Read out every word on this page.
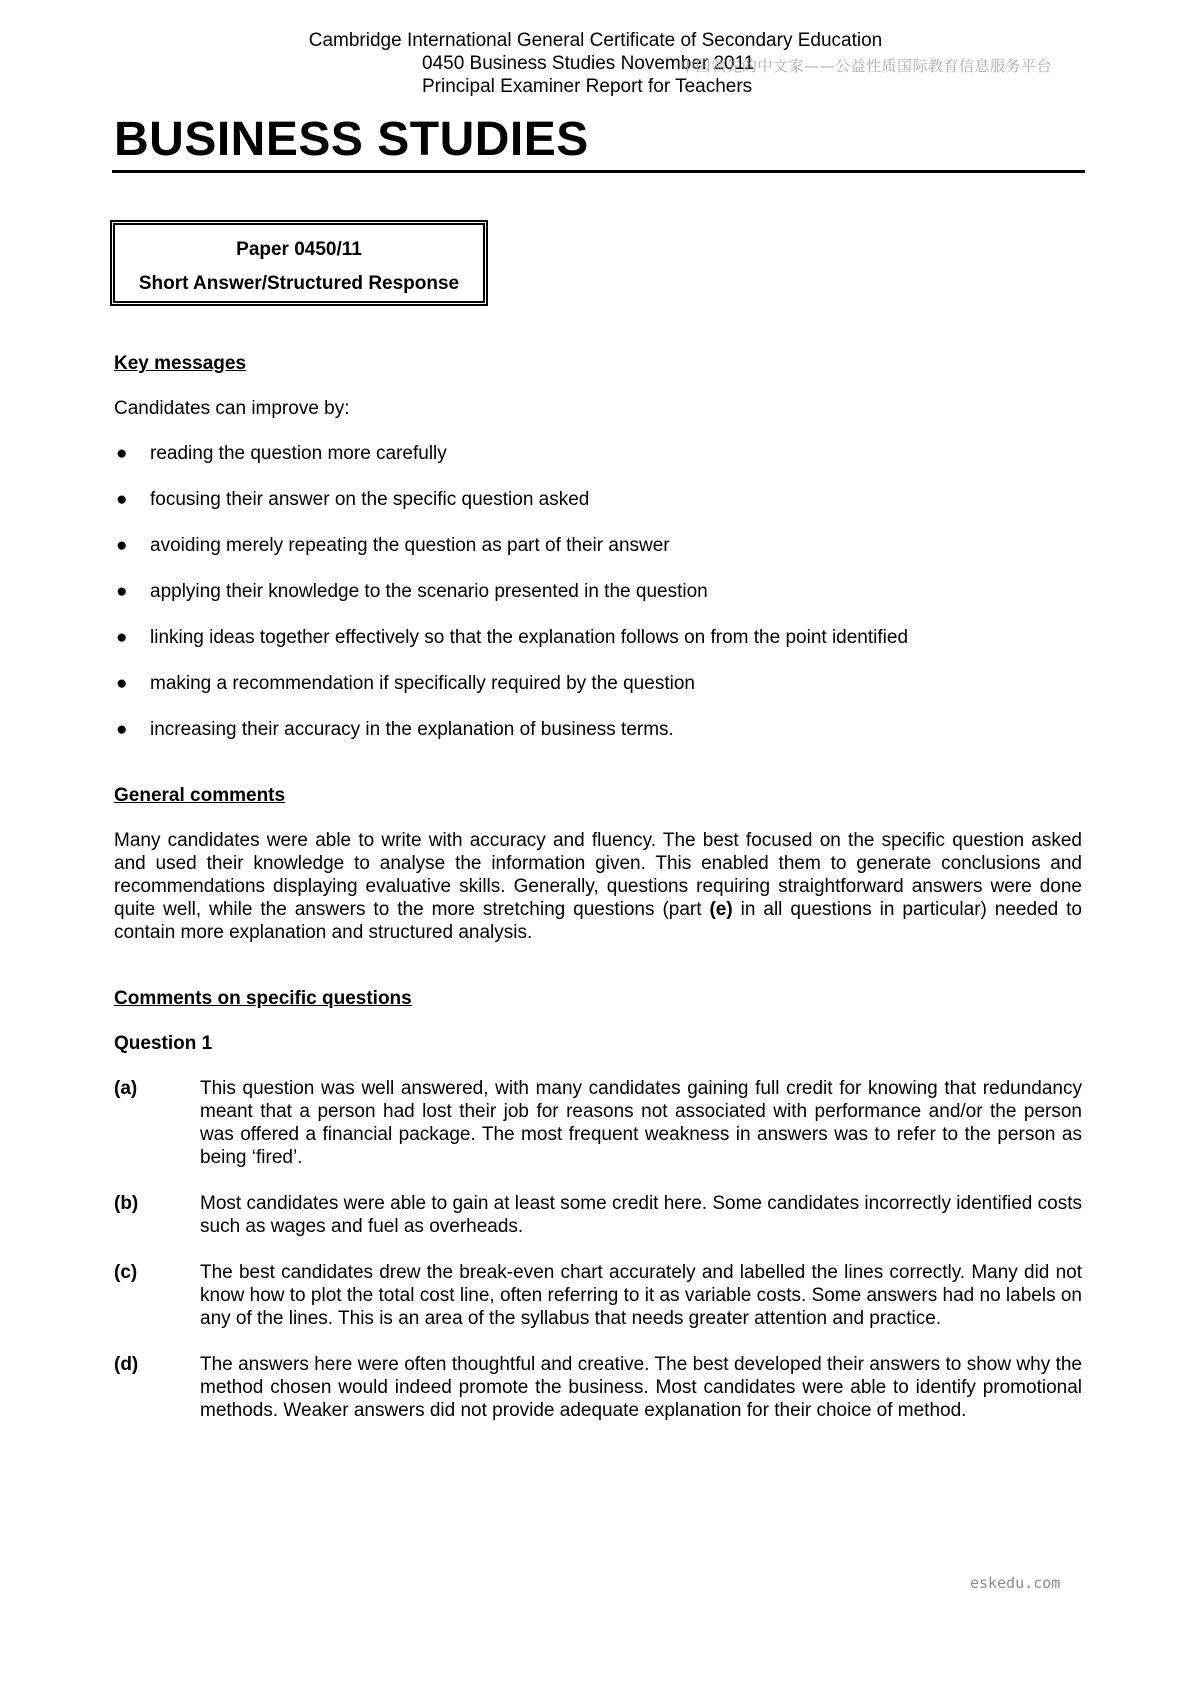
Cambridge International General Certificate of Secondary Education
0450 Business Studies November 2011
Principal Examiner Report for Teachers
中国领先的中文家——公益性质国际教育信息服务平台
BUSINESS STUDIES
Paper 0450/11
Short Answer/Structured Response

Key messages

Candidates can improve by:

● reading the question more carefully
● focusing their answer on the specific question asked
● avoiding merely repeating the question as part of their answer
● applying their knowledge to the scenario presented in the question
● linking ideas together effectively so that the explanation follows on from the point identified
● making a recommendation if specifically required by the question
● increasing their accuracy in the explanation of business terms.

General comments

Many candidates were able to write with accuracy and fluency. The best focused on the specific question asked and used their knowledge to analyse the information given. This enabled them to generate conclusions and recommendations displaying evaluative skills. Generally, questions requiring straightforward answers were done quite well, while the answers to the more stretching questions (part (e) in all questions in particular) needed to contain more explanation and structured analysis.

Comments on specific questions

Question 1

(a)	This question was well answered, with many candidates gaining full credit for knowing that redundancy meant that a person had lost their job for reasons not associated with performance and/or the person was offered a financial package. The most frequent weakness in answers was to refer to the person as being ‘fired’.
(b)	Most candidates were able to gain at least some credit here. Some candidates incorrectly identified costs such as wages and fuel as overheads.
(c)	The best candidates drew the break-even chart accurately and labelled the lines correctly. Many did not know how to plot the total cost line, often referring to it as variable costs. Some answers had no labels on any of the lines. This is an area of the syllabus that needs greater attention and practice.
(d)	The answers here were often thoughtful and creative. The best developed their answers to show why the method chosen would indeed promote the business. Most candidates were able to identify promotional methods. Weaker answers did not provide adequate explanation for their choice of method.
eskedu.com
